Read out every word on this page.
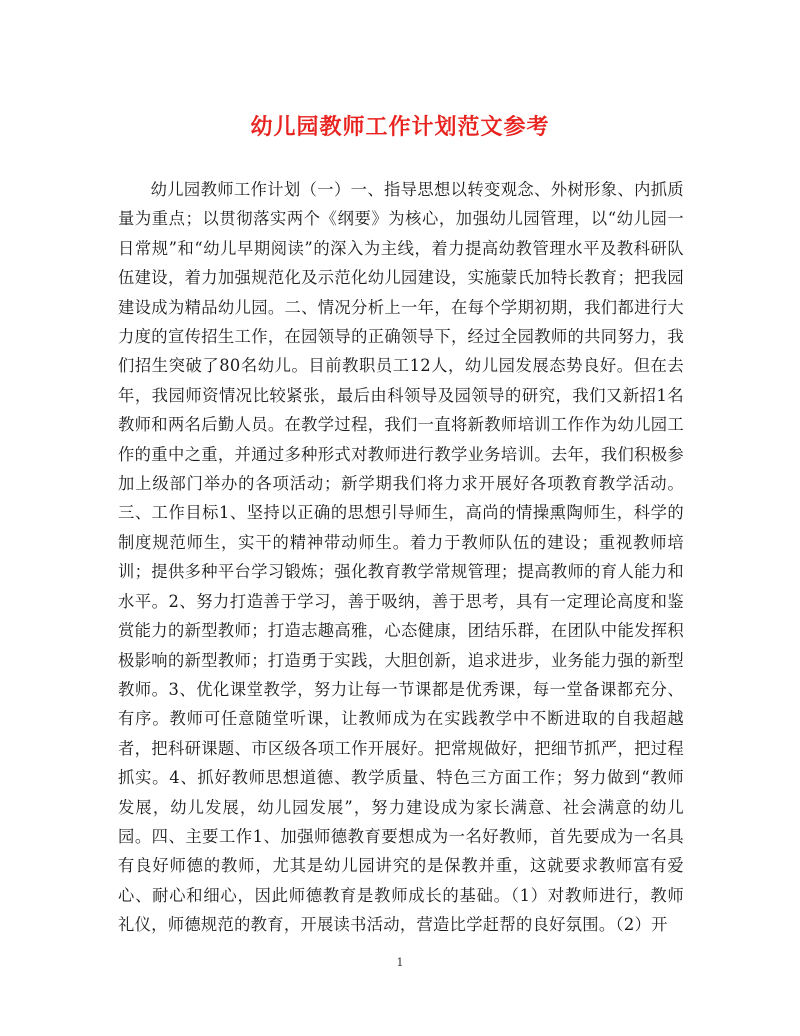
幼儿园教师工作计划范文参考

幼儿园教师工作计划（一）一、指导思想以转变观念、外树形象、内抓质量为重点；以贯彻落实两个《纲要》为核心，加强幼儿园管理，以“幼儿园一日常规”和“幼儿早期阅读”的深入为主线，着力提高幼教管理水平及教科研队伍建设，着力加强规范化及示范化幼儿园建设，实施蒙氏加特长教育；把我园建设成为精品幼儿园。二、情况分析上一年，在每个学期初期，我们都进行大力度的宣传招生工作，在园领导的正确领导下，经过全园教师的共同努力，我们招生突破了80名幼儿。目前教职员工12人，幼儿园发展态势良好。但在去年，我园师资情况比较紧张，最后由科领导及园领导的研究，我们又新招1名教师和两名后勤人员。在教学过程，我们一直将新教师培训工作作为幼儿园工作的重中之重，并通过多种形式对教师进行教学业务培训。去年，我们积极参加上级部门举办的各项活动；新学期我们将力求开展好各项教育教学活动。三、工作目标1、坚持以正确的思想引导师生，高尚的情操熏陶师生，科学的制度规范师生，实干的精神带动师生。着力于教师队伍的建设；重视教师培训；提供多种平台学习锻炼；强化教育教学常规管理；提高教师的育人能力和水平。2、努力打造善于学习，善于吸纳，善于思考，具有一定理论高度和鉴赏能力的新型教师；打造志趣高雅，心态健康，团结乐群，在团队中能发挥积极影响的新型教师；打造勇于实践，大胆创新，追求进步，业务能力强的新型教师。3、优化课堂教学，努力让每一节课都是优秀课，每一堂备课都充分、有序。教师可任意随堂听课，让教师成为在实践教学中不断进取的自我超越者，把科研课题、市区级各项工作开展好。把常规做好，把细节抓严，把过程抓实。4、抓好教师思想道德、教学质量、特色三方面工作；努力做到“教师发展，幼儿发展，幼儿园发展”，努力建设成为家长满意、社会满意的幼儿园。四、主要工作1、加强师德教育要想成为一名好教师，首先要成为一名具有良好师德的教师，尤其是幼儿园讲究的是保教并重，这就要求教师富有爱心、耐心和细心，因此师德教育是教师成长的基础。（1）对教师进行，教师礼仪，师德规范的教育，开展读书活动，营造比学赶帮的良好氛围。（2）开

1
